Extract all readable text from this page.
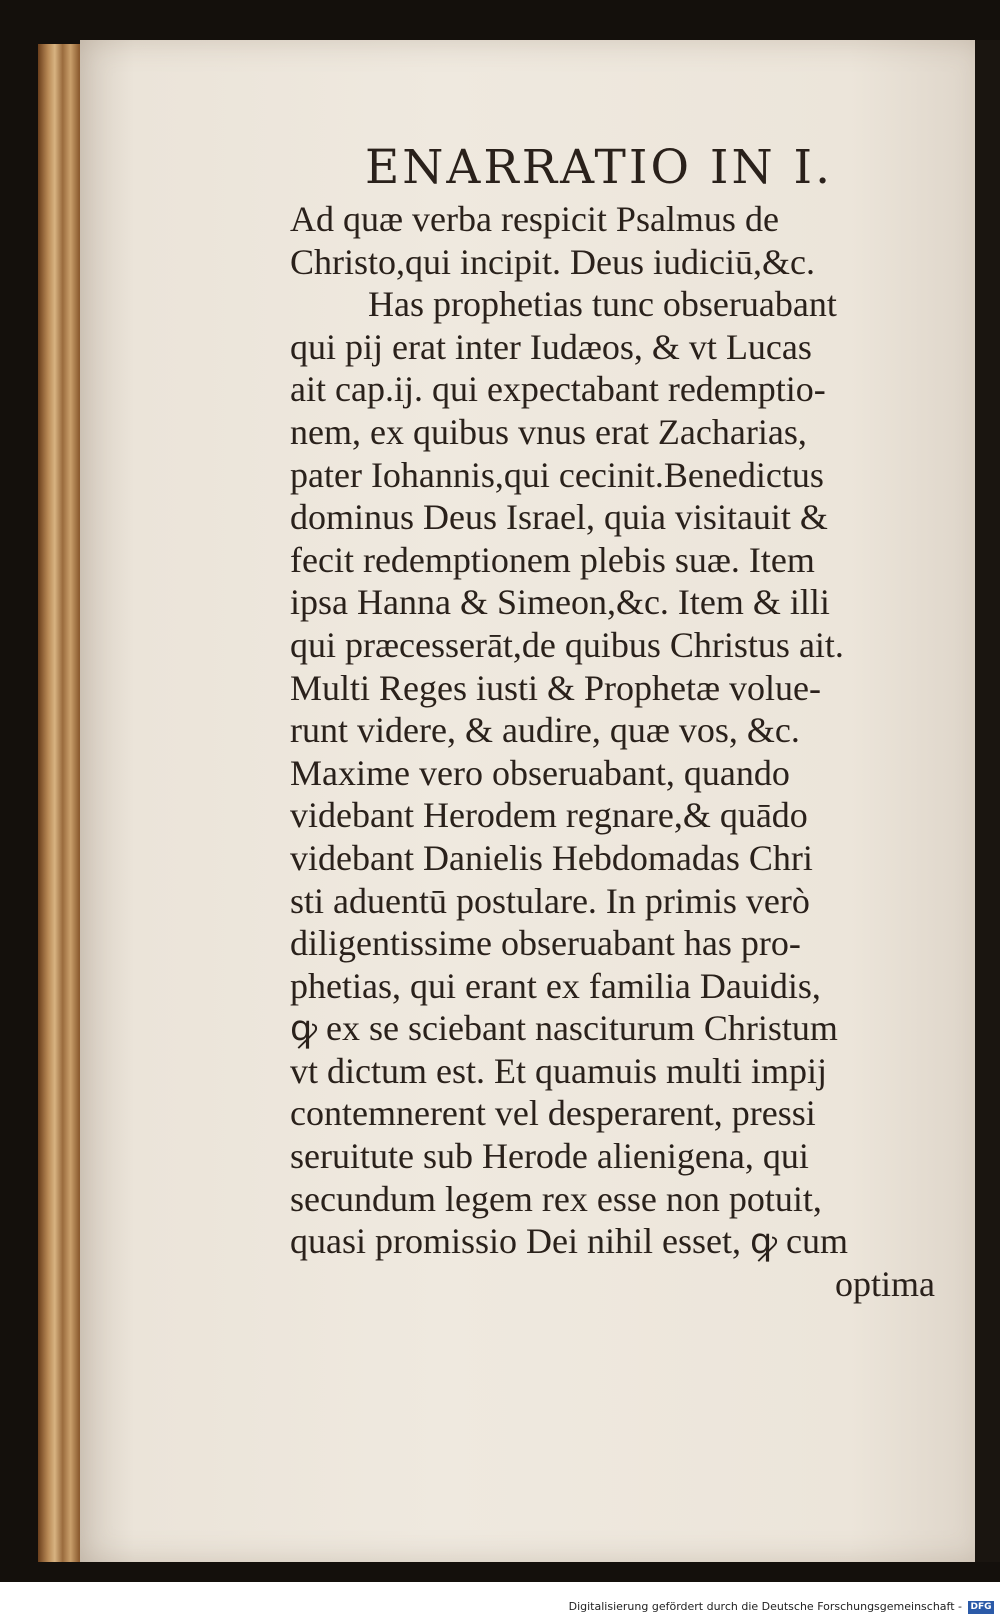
ENARRATIO IN I.
Ad quæ verba respicit Psalmus de
Christo,qui incipit. Deus iudiciū,&c.
Has prophetias tunc obseruabant
qui pij erat inter Iudæos, & vt Lucas
ait cap.ij. qui expectabant redemptio-
nem, ex quibus vnus erat Zacharias,
pater Iohannis,qui cecinit.Benedictus
dominus Deus Israel, quia visitauit &
fecit redemptionem plebis suæ. Item
ipsa Hanna & Simeon,&c. Item & illi
qui præcesserāt,de quibus Christus ait.
Multi Reges iusti & Prophetæ volue-
runt videre, & audire, quæ vos, &c.
Maxime vero obseruabant, quando
videbant Herodem regnare,& quādo
videbant Danielis Hebdomadas Chri
sti aduentū postulare. In primis verò
diligentissime obseruabant has pro-
phetias, qui erant ex familia Dauidis,
ꝙ ex se sciebant nasciturum Christum
vt dictum est. Et quamuis multi impij
contemnerent vel desperarent, pressi
seruitute sub Herode alienigena, qui
secundum legem rex esse non potuit,
quasi promissio Dei nihil esset, ꝙ cum
optima
Digitalisierung gefördert durch die Deutsche Forschungsgemeinschaft - DFG
